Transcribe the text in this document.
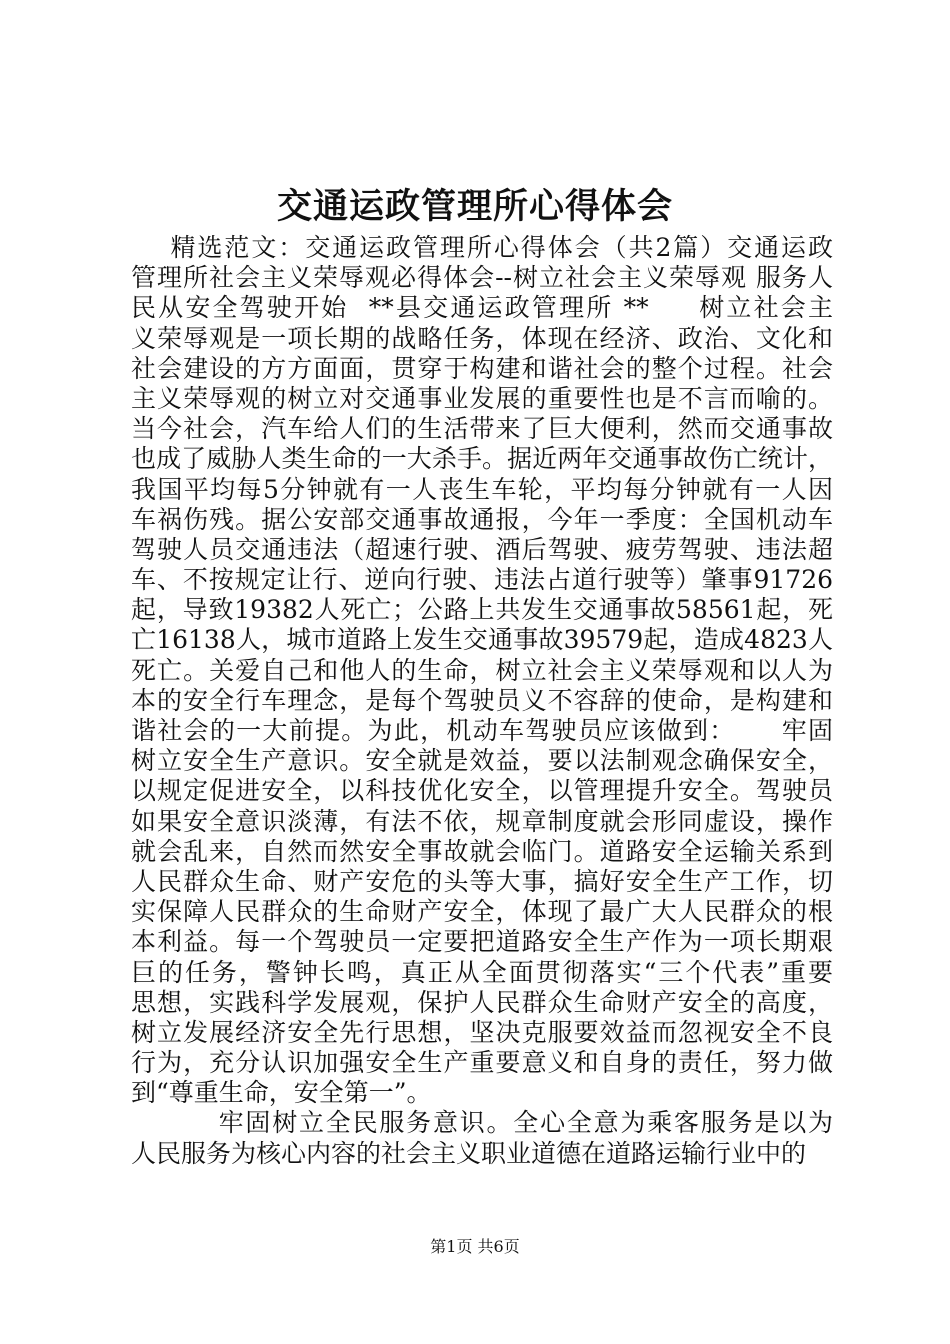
交通运政管理所心得体会
精选范文：交通运政管理所心得体会（共2篇）交通运政
管理所社会主义荣辱观必得体会--树立社会主义荣辱观 服务人
民从安全驾驶开始  **县交通运政管理所 **     树立社会主
义荣辱观是一项长期的战略任务，体现在经济、政治、文化和
社会建设的方方面面，贯穿于构建和谐社会的整个过程。社会
主义荣辱观的树立对交通事业发展的重要性也是不言而喻的。
当今社会，汽车给人们的生活带来了巨大便利，然而交通事故
也成了威胁人类生命的一大杀手。据近两年交通事故伤亡统计，
我国平均每5分钟就有一人丧生车轮，平均每分钟就有一人因
车祸伤残。据公安部交通事故通报，今年一季度：全国机动车
驾驶人员交通违法（超速行驶、酒后驾驶、疲劳驾驶、违法超
车、不按规定让行、逆向行驶、违法占道行驶等）肇事91726
起，导致19382人死亡；公路上共发生交通事故58561起，死
亡16138人，城市道路上发生交通事故39579起，造成4823人
死亡。关爱自己和他人的生命，树立社会主义荣辱观和以人为
本的安全行车理念，是每个驾驶员义不容辞的使命，是构建和
谐社会的一大前提。为此，机动车驾驶员应该做到：     牢固
树立安全生产意识。安全就是效益，要以法制观念确保安全，
以规定促进安全，以科技优化安全，以管理提升安全。驾驶员
如果安全意识淡薄，有法不依，规章制度就会形同虚设，操作
就会乱来，自然而然安全事故就会临门。道路安全运输关系到
人民群众生命、财产安危的头等大事，搞好安全生产工作，切
实保障人民群众的生命财产安全，体现了最广大人民群众的根
本利益。每一个驾驶员一定要把道路安全生产作为一项长期艰
巨的任务，警钟长鸣，真正从全面贯彻落实“三个代表”重要
思想，实践科学发展观，保护人民群众生命财产安全的高度，
树立发展经济安全先行思想，坚决克服要效益而忽视安全不良
行为，充分认识加强安全生产重要意义和自身的责任，努力做
到“尊重生命，安全第一”。
牢固树立全民服务意识。全心全意为乘客服务是以为
人民服务为核心内容的社会主义职业道德在道路运输行业中的
第1页 共6页
